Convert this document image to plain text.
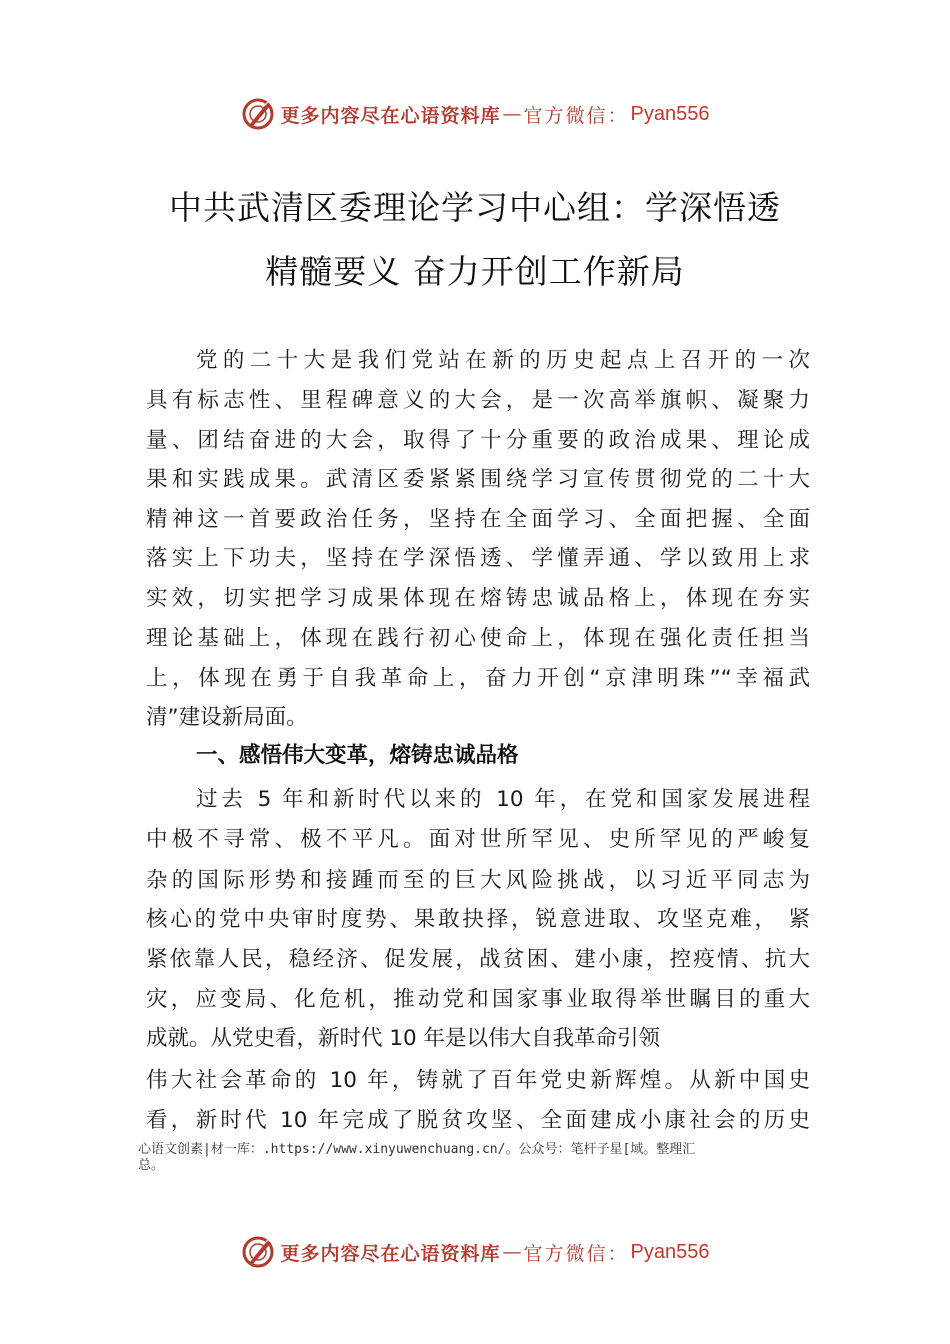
更多内容尽在心语资料库 — 官方微信： Pyan556
中共武清区委理论学习中心组：学深悟透
精髓要义 奋力开创工作新局
党的二十大是我们党站在新的历史起点上召开的一次
具有标志性、里程碑意义的大会，是一次高举旗帜、凝聚力
量、团结奋进的大会，取得了十分重要的政治成果、理论成
果和实践成果。武清区委紧紧围绕学习宣传贯彻党的二十大
精神这一首要政治任务，坚持在全面学习、全面把握、全面
落实上下功夫，坚持在学深悟透、学懂弄通、学以致用上求
实效，切实把学习成果体现在熔铸忠诚品格上，体现在夯实
理论基础上，体现在践行初心使命上，体现在强化责任担当
上，体现在勇于自我革命上，奋力开创“京津明珠”“幸福武
清”建设新局面。
一、感悟伟大变革，熔铸忠诚品格
过去 5 年和新时代以来的 10 年，在党和国家发展进程
中极不寻常、极不平凡。面对世所罕见、史所罕见的严峻复
杂的国际形势和接踵而至的巨大风险挑战，以习近平同志为
核心的党中央审时度势、果敢抉择，锐意进取、攻坚克难， 紧
紧依靠人民，稳经济、促发展，战贫困、建小康，控疫情、抗大
灾，应变局、化危机，推动党和国家事业取得举世瞩目的重大
成就。从党史看，新时代 10 年是以伟大自我革命引领
伟大社会革命的 10 年，铸就了百年党史新辉煌。从新中国史
看，新时代 10 年完成了脱贫攻坚、全面建成小康社会的历史
心语文创素|材一库：.https://www.xinyuwenchuang.cn/。公众号：笔杆子星[域。整理汇
总。
更多内容尽在心语资料库 — 官方微信： Pyan556
